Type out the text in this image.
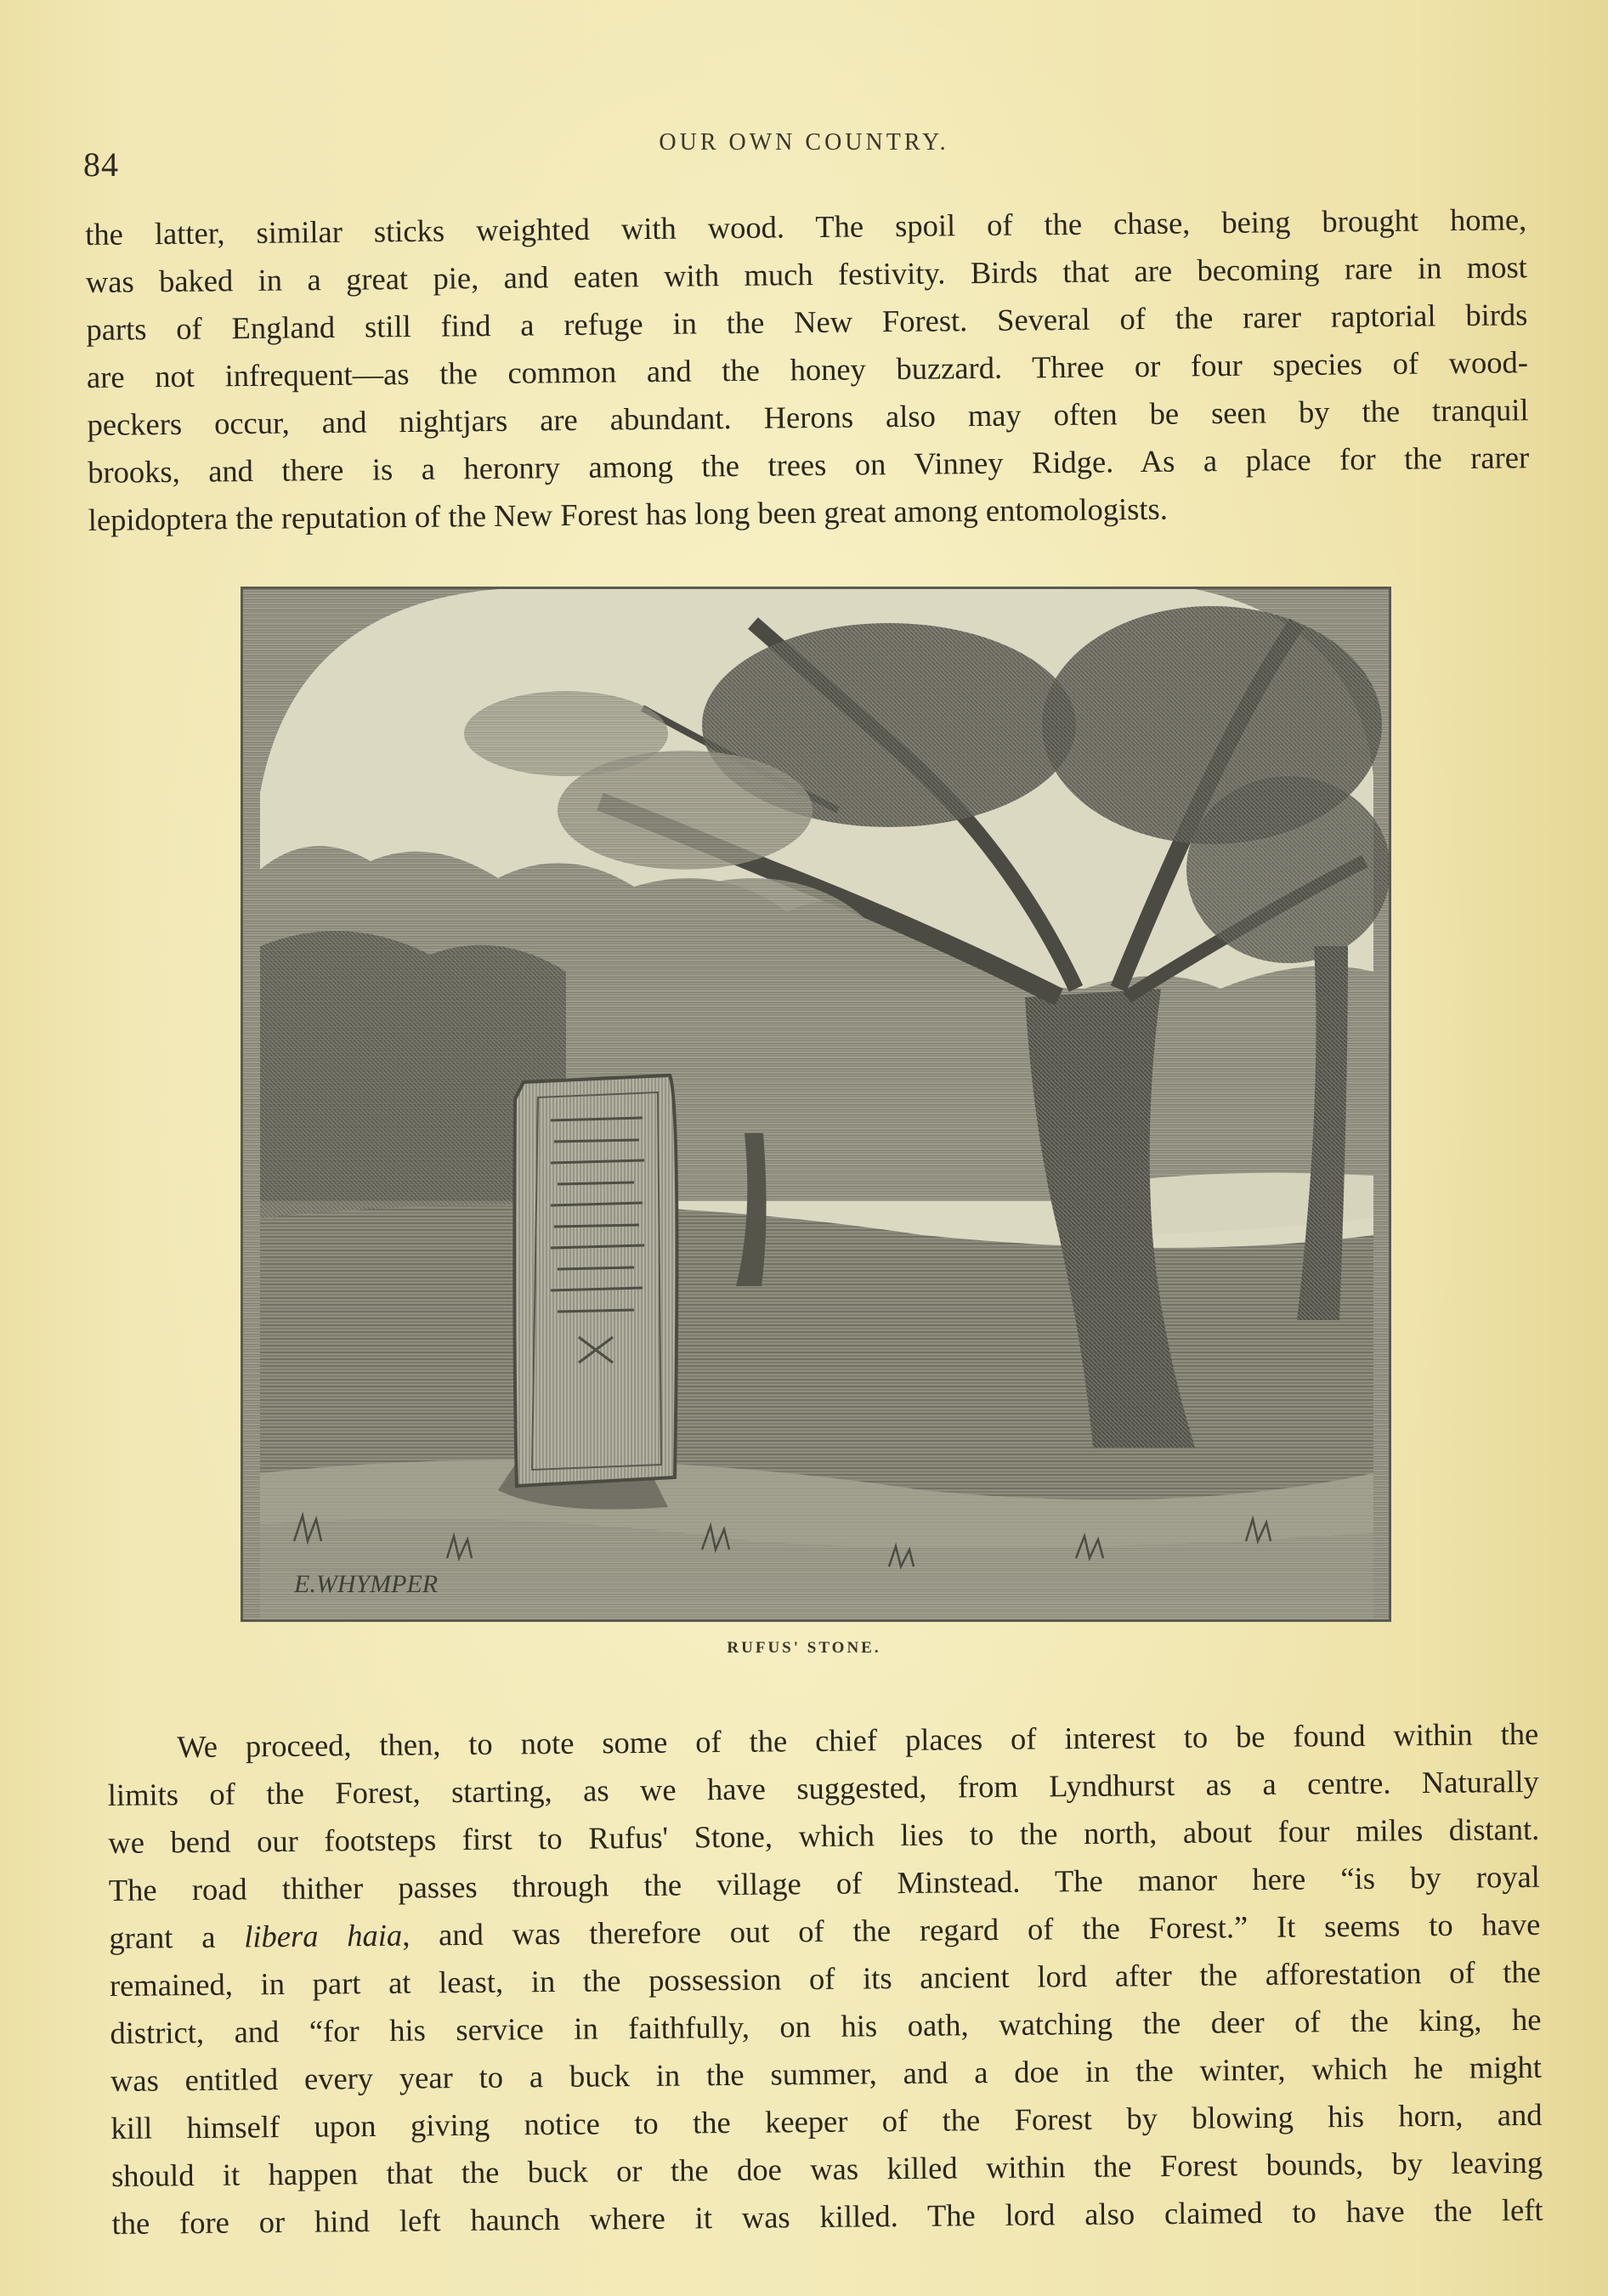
84
OUR OWN COUNTRY.
the latter, similar sticks weighted with wood. The spoil of the chase, being brought home,
was baked in a great pie, and eaten with much festivity. Birds that are becoming rare in most
parts of England still find a refuge in the New Forest. Several of the rarer raptorial birds
are not infrequent—as the common and the honey buzzard. Three or four species of wood-
peckers occur, and nightjars are abundant. Herons also may often be seen by the tranquil
brooks, and there is a heronry among the trees on Vinney Ridge. As a place for the rarer
lepidoptera the reputation of the New Forest has long been great among entomologists.
E.WHYMPER
RUFUS' STONE.
We proceed, then, to note some of the chief places of interest to be found within the
limits of the Forest, starting, as we have suggested, from Lyndhurst as a centre. Naturally
we bend our footsteps first to Rufus' Stone, which lies to the north, about four miles distant.
The road thither passes through the village of Minstead. The manor here “is by royal
grant a libera haia, and was therefore out of the regard of the Forest.” It seems to have
remained, in part at least, in the possession of its ancient lord after the afforestation of the
district, and “for his service in faithfully, on his oath, watching the deer of the king, he
was entitled every year to a buck in the summer, and a doe in the winter, which he might
kill himself upon giving notice to the keeper of the Forest by blowing his horn, and
should it happen that the buck or the doe was killed within the Forest bounds, by leaving
the fore or hind left haunch where it was killed. The lord also claimed to have the left
